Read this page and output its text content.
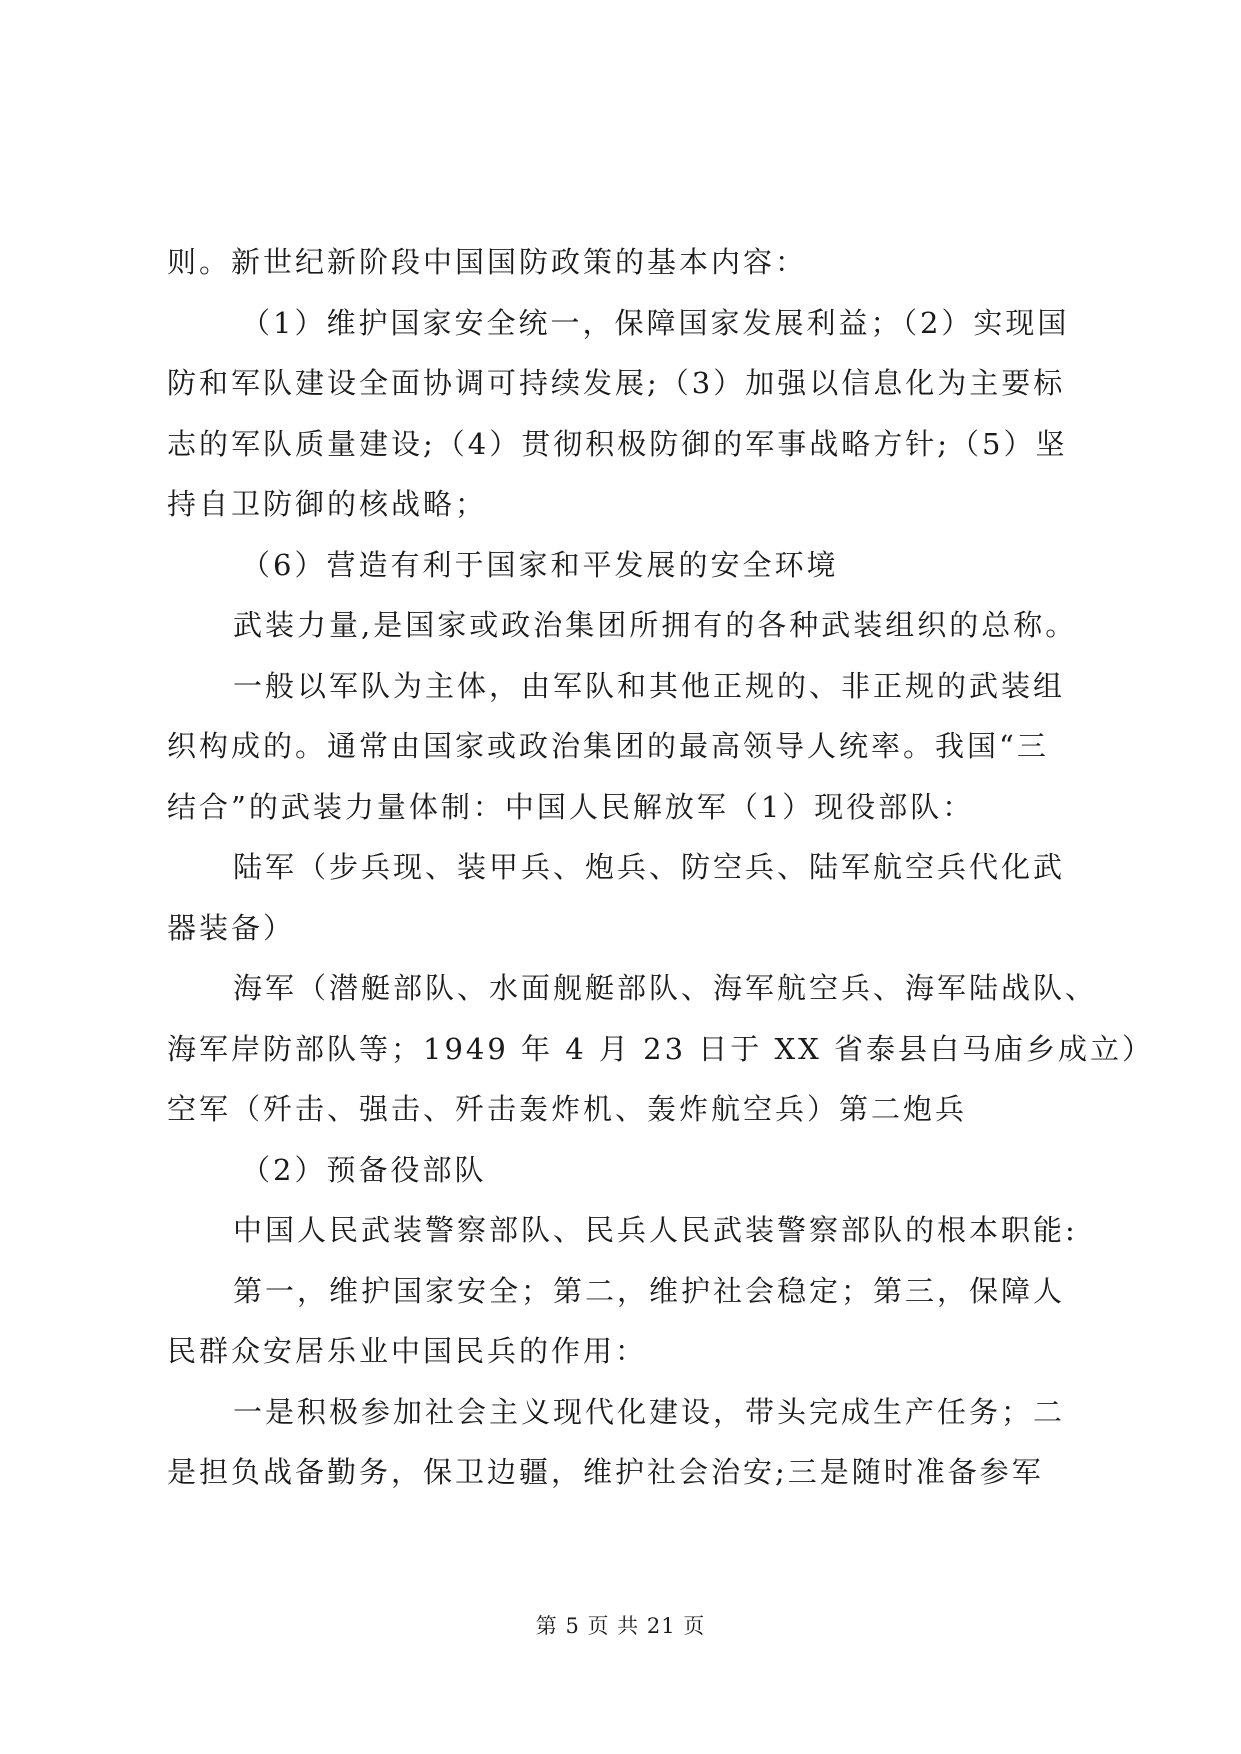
则。新世纪新阶段中国国防政策的基本内容：
（1）维护国家安全统一，保障国家发展利益；（2）实现国
防和军队建设全面协调可持续发展;（3）加强以信息化为主要标
志的军队质量建设;（4）贯彻积极防御的军事战略方针;（5）坚
持自卫防御的核战略；
（6）营造有利于国家和平发展的安全环境
武装力量,是国家或政治集团所拥有的各种武装组织的总称。
一般以军队为主体，由军队和其他正规的、非正规的武装组
织构成的。通常由国家或政治集团的最高领导人统率。我国“三
结合”的武装力量体制：中国人民解放军（1）现役部队：
陆军（步兵现、装甲兵、炮兵、防空兵、陆军航空兵代化武
器装备）
海军（潜艇部队、水面舰艇部队、海军航空兵、海军陆战队、
海军岸防部队等；1949 年 4 月 23 日于 XX 省泰县白马庙乡成立）
空军（歼击、强击、歼击轰炸机、轰炸航空兵）第二炮兵
（2）预备役部队
中国人民武装警察部队、民兵人民武装警察部队的根本职能:
第一，维护国家安全；第二，维护社会稳定；第三，保障人
民群众安居乐业中国民兵的作用：
一是积极参加社会主义现代化建设，带头完成生产任务；二
是担负战备勤务，保卫边疆，维护社会治安;三是随时准备参军
第 5 页 共 21 页
